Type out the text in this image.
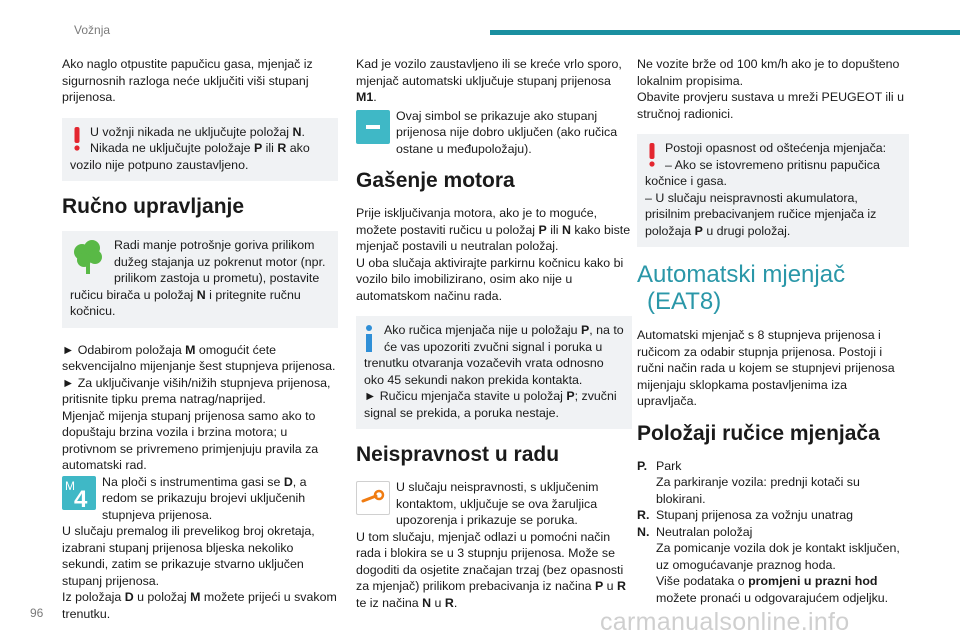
Vožnja

Ako naglo otpustite papučicu gasa, mjenjač iz sigurnosnih razloga neće uključiti viši stupanj prijenosa.

U vožnji nikada ne uključujte položaj N. Nikada ne uključujte položaje P ili R ako vozilo nije potpuno zaustavljeno.
Ručno upravljanje
Radi manje potrošnje goriva prilikom dužeg stajanja uz pokrenut motor (npr. prilikom zastoja u prometu), postavite ručicu birača u položaj N i pritegnite ručnu kočnicu.

► Odabirom položaja M omogućit ćete sekvencijalno mijenjanje šest stupnjeva prijenosa.

► Za uključivanje viših/nižih stupnjeva prijenosa, pritisnite tipku prema natrag/naprijed.

Mjenjač mijenja stupanj prijenosa samo ako to dopuštaju brzina vozila i brzina motora; u protivnom se privremeno primjenjuju pravila za automatski rad.

M 4
Na ploči s instrumentima gasi se D, a redom se prikazuju brojevi uključenih stupnjeva prijenosa.

U slučaju premalog ili prevelikog broj okretaja, izabrani stupanj prijenosa bljeska nekoliko sekundi, zatim se prikazuje stvarno uključen stupanj prijenosa.

Iz položaja D u položaj M možete prijeći u svakom trenutku.

Kad je vozilo zaustavljeno ili se kreće vrlo sporo, mjenjač automatski uključuje stupanj prijenosa M1.

Ovaj simbol se prikazuje ako stupanj prijenosa nije dobro uključen (ako ručica ostane u međupoložaju).

Gašenje motora

Prije isključivanja motora, ako je to moguće, možete postaviti ručicu u položaj P ili N kako biste mjenjač postavili u neutralan položaj.

U oba slučaja aktivirajte parkirnu kočnicu kako bi vozilo bilo imobilizirano, osim ako nije u automatskom načinu rada.

Ako ručica mjenjača nije u položaju P, na to će vas upozoriti zvučni signal i poruka u trenutku otvaranja vozačevih vrata odnosno oko 45 sekundi nakon prekida kontakta.
► Ručicu mjenjača stavite u položaj P; zvučni signal se prekida, a poruka nestaje.
Neispravnost u radu
U slučaju neispravnosti, s uključenim kontaktom, uključuje se ova žaruljica upozorenja i prikazuje se poruka.
U tom slučaju, mjenjač odlazi u pomoćni način rada i blokira se u 3 stupnju prijenosa. Može se dogoditi da osjetite značajan trzaj (bez opasnosti za mjenjač) prilikom prebacivanja iz načina P u R te iz načina N u R.

Ne vozite brže od 100 km/h ako je to dopušteno lokalnim propisima.

Obavite provjeru sustava u mreži PEUGEOT ili u stručnoj radionici.

Postoji opasnost od oštećenja mjenjača:
– Ako se istovremeno pritisnu papučica kočnice i gasa.
– U slučaju neispravnosti akumulatora, prisilnim prebacivanjem ručice mjenjača iz položaja P u drugi položaj.
Automatski mjenjač
(EAT8)

Automatski mjenjač s 8 stupnjeva prijenosa i ručicom za odabir stupnja prijenosa. Postoji i ručni način rada u kojem se stupnjevi prijenosa mijenjaju sklopkama postavljenima iza upravljača.

Položaji ručice mjenjača
P. Park
Za parkiranje vozila: prednji kotači su blokirani.
R. Stupanj prijenosa za vožnju unatrag
N. Neutralan položaj
Za pomicanje vozila dok je kontakt isključen, uz omogućavanje praznog hoda.
Više podataka o promjeni u prazni hod možete pronaći u odgovarajućem odjeljku.
96	carmanualsonline.info
